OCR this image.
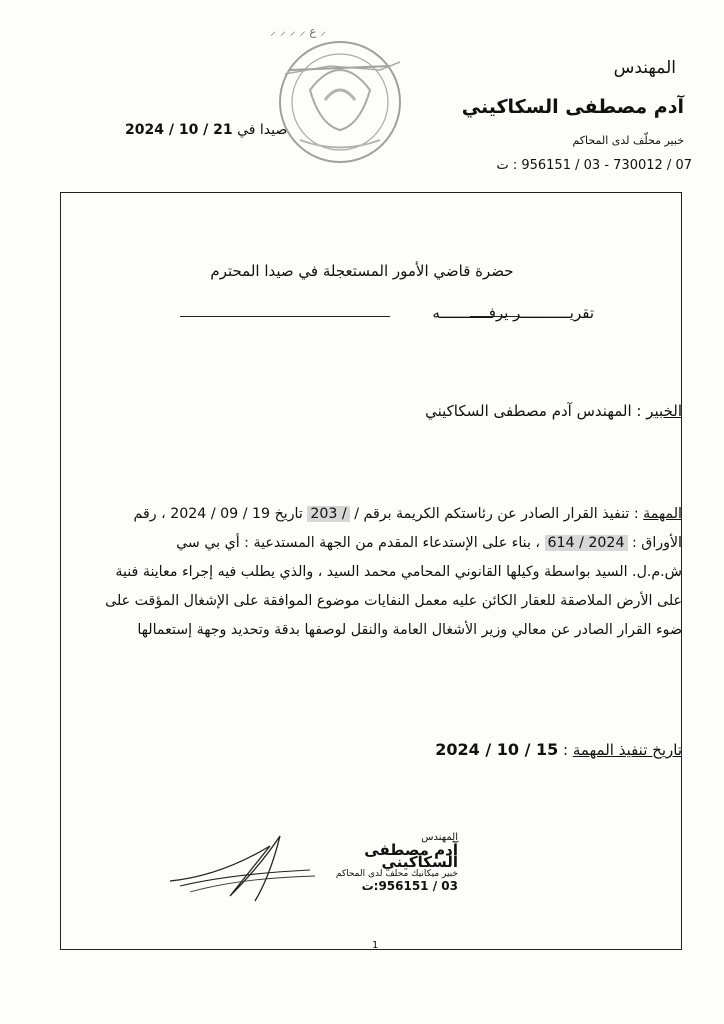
المهندس
آدم مصطفى السكاكيني
خبير محلّف لدى المحاكم
07 / 730012 - 03 / 956151 : ت
صيدا في 2024 / 10 / 21
⸝ ⸝ ⸝ ⸝ ع ⸝
حضرة قاضي الأمور المستعجلة في صيدا المحترم
تقريـــــــــــر يرفـــــــــــه
الخبير : المهندس آدم مصطفى السكاكيني
المهمة : تنفيذ القرار الصادر عن رئاستكم الكريمة برقم / 203 / تاريخ 19 / 09 / 2024 ، رقم
الأوراق : 614 / 2024 ، بناء على الإستدعاء المقدم من الجهة المستدعية : أي بي سي
ش.م.ل. السيد بواسطة وكيلها القانوني المحامي محمد السيد ، والذي يطلب فيه إجراء معاينة فنية
على الأرض الملاصقة للعقار الكائن عليه معمل النفايات موضوع الموافقة على الإشغال المؤقت على
ضوء القرار الصادر عن معالي وزير الأشغال العامة والنقل لوصفها بدقة وتحديد وجهة إستعمالها
تاريخ تنفيذ المهمة : 2024 / 10 / 15
المهندس
آدم مصطفى السكاكيني
خبير ميكانيك محلف لدى المحاكم
03 / 956151:ت
1
